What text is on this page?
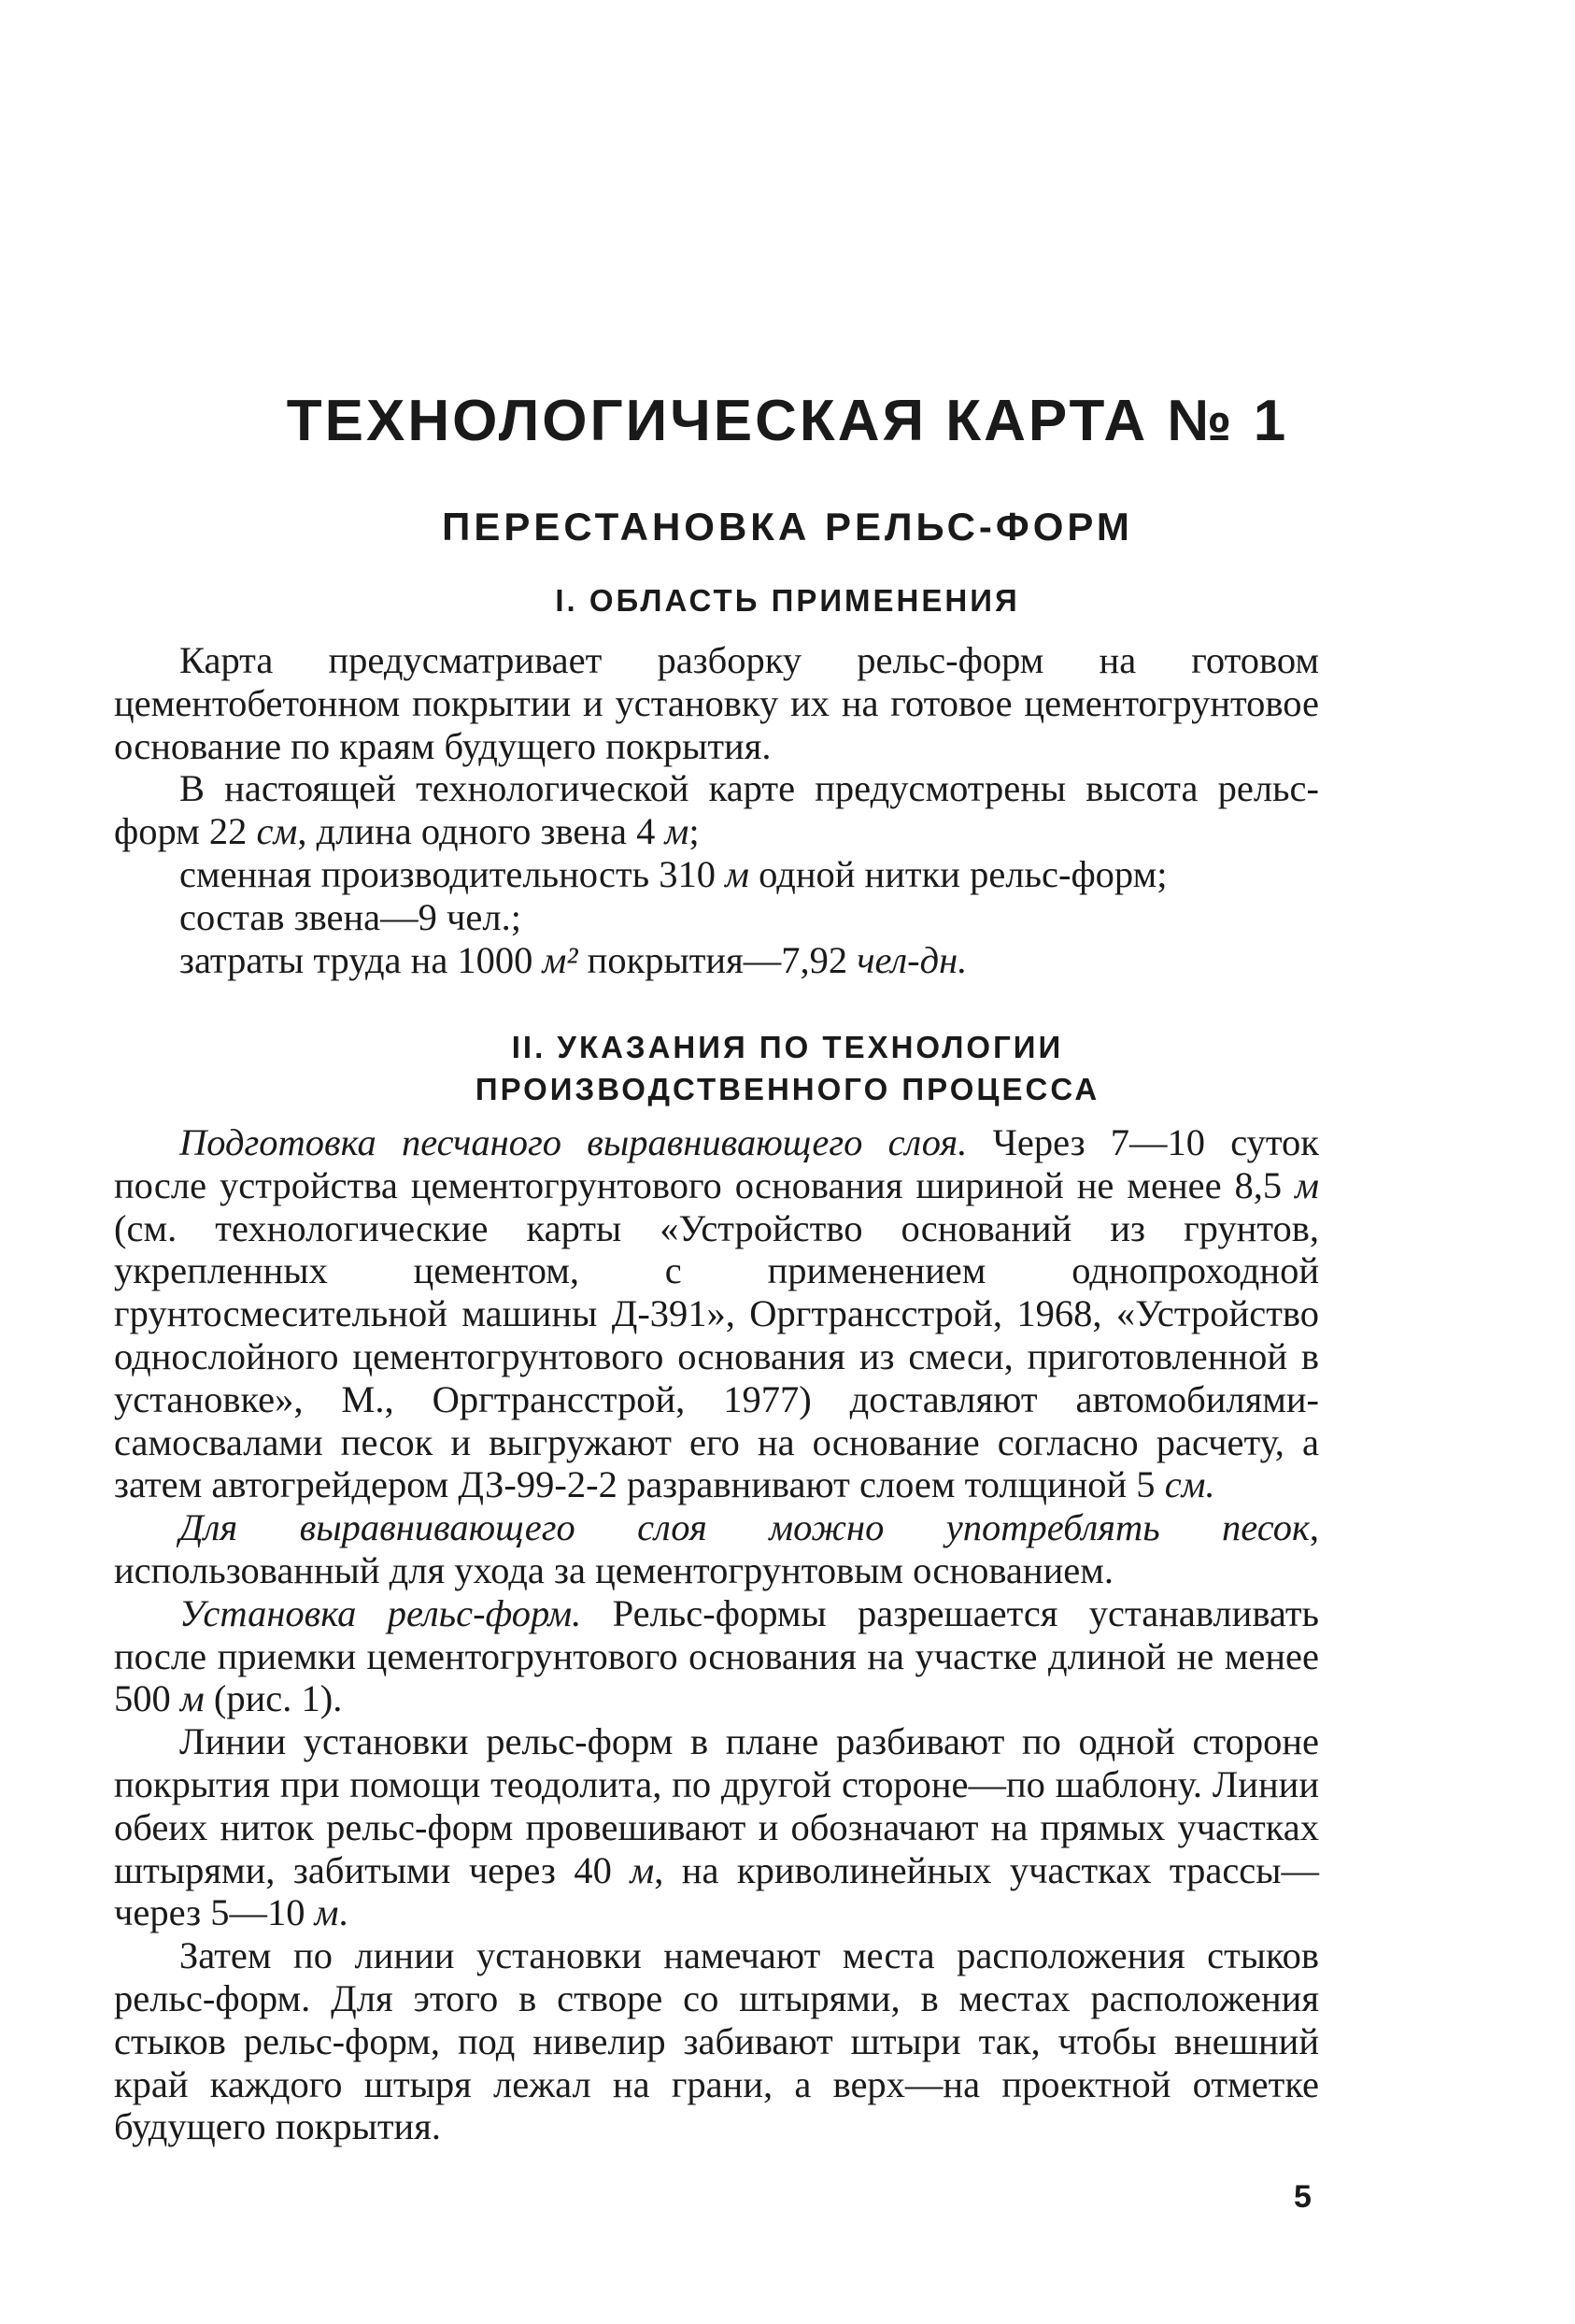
ТЕХНОЛОГИЧЕСКАЯ КАРТА № 1
ПЕРЕСТАНОВКА РЕЛЬС-ФОРМ
I. ОБЛАСТЬ ПРИМЕНЕНИЯ

Карта предусматривает разборку рельс-форм на готовом цементобетонном покрытии и установку их на готовое цементогрунтовое основание по краям будущего покрытия.

В настоящей технологической карте предусмотрены высота рельс-форм 22 см, длина одного звена 4 м;

сменная производительность 310 м одной нитки рельс-форм;

состав звена—9 чел.;

затраты труда на 1000 м² покрытия—7,92 чел-дн.

II. УКАЗАНИЯ ПО ТЕХНОЛОГИИ
ПРОИЗВОДСТВЕННОГО ПРОЦЕССА

Подготовка песчаного выравнивающего слоя. Через 7—10 суток после устройства цементогрунтового основания шириной не менее 8,5 м (см. технологические карты «Устройство оснований из грунтов, укрепленных цементом, с применением однопроходной грунтосмесительной машины Д-391», Оргтрансстрой, 1968, «Устройство однослойного цементогрунтового основания из смеси, приготовленной в установке», М., Оргтрансстрой, 1977) доставляют автомобилями-самосвалами песок и выгружают его на основание согласно расчету, а затем автогрейдером ДЗ-99-2-2 разравнивают слоем толщиной 5 см.

Для выравнивающего слоя можно употреблять песок, использованный для ухода за цементогрунтовым основанием.

Установка рельс-форм. Рельс-формы разрешается устанавливать после приемки цементогрунтового основания на участке длиной не менее 500 м (рис. 1).

Линии установки рельс-форм в плане разбивают по одной стороне покрытия при помощи теодолита, по другой стороне—по шаблону. Линии обеих ниток рельс-форм провешивают и обозначают на прямых участках штырями, забитыми через 40 м, на криволинейных участках трассы—через 5—10 м.

Затем по линии установки намечают места расположения стыков рельс-форм. Для этого в створе со штырями, в местах расположения стыков рельс-форм, под нивелир забивают штыри так, чтобы внешний край каждого штыря лежал на грани, а верх—на проектной отметке будущего покрытия.

5
